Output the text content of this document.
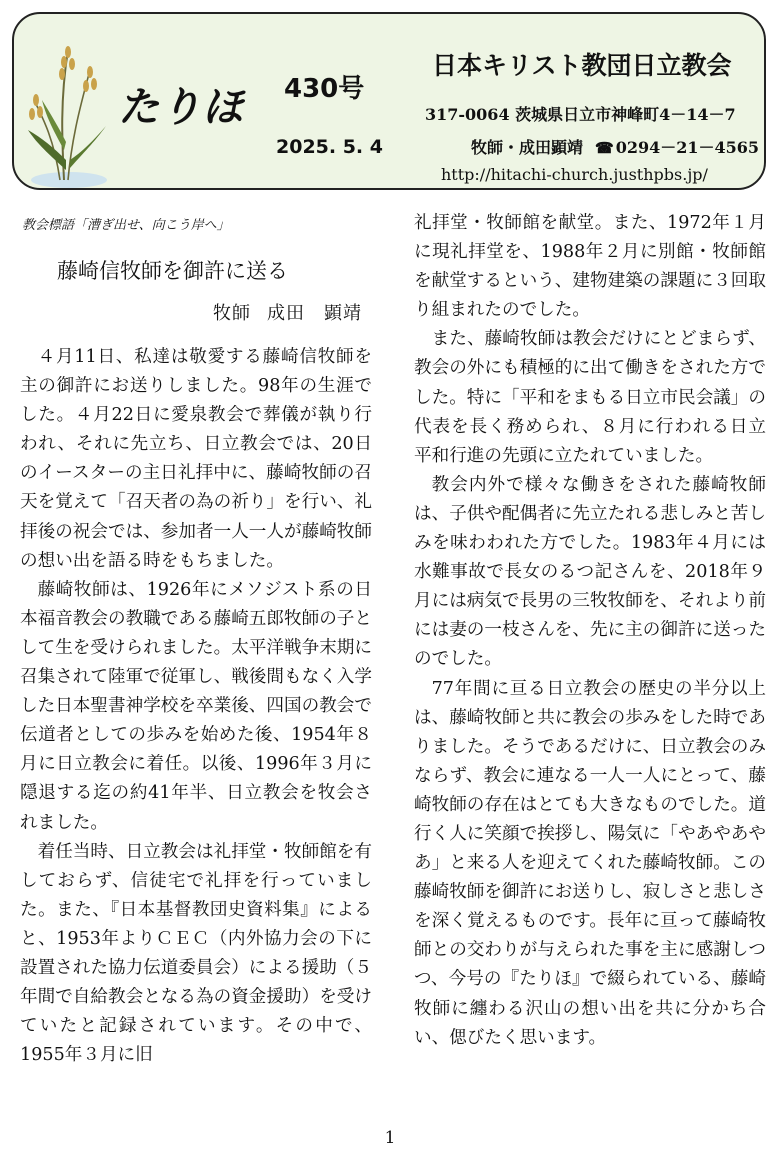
たりほ 430号
2025. 5. 4
日本キリスト教団日立教会
317-0064 茨城県日立市神峰町4－14－7
牧師・成田顕靖 ☎ 0294－21－4565
http://hitachi-church.justhpbs.jp/
教会標語「漕ぎ出せ、向こう岸へ」
藤崎信牧師を御許に送る
牧師 成田　顕靖

４月11日、私達は敬愛する藤崎信牧師を主の御許にお送りしました。98年の生涯でした。４月22日に愛泉教会で葬儀が執り行われ、それに先立ち、日立教会では、20日のイースターの主日礼拝中に、藤崎牧師の召天を覚えて「召天者の為の祈り」を行い、礼拝後の祝会では、参加者一人一人が藤崎牧師の想い出を語る時をもちました。

藤崎牧師は、1926年にメソジスト系の日本福音教会の教職である藤崎五郎牧師の子として生を受けられました。太平洋戦争末期に召集されて陸軍で従軍し、戦後間もなく入学した日本聖書神学校を卒業後、四国の教会で伝道者としての歩みを始めた後、1954年８月に日立教会に着任。以後、1996年３月に隠退する迄の約41年半、日立教会を牧会されました。

着任当時、日立教会は礼拝堂・牧師館を有しておらず、信徒宅で礼拝を行っていました。また、『日本基督教団史資料集』によると、1953年よりＣＥＣ（内外協力会の下に設置された協力伝道委員会）による援助（５年間で自給教会となる為の資金援助）を受けていたと記録されています。その中で、1955年３月に旧

礼拝堂・牧師館を献堂。また、1972年１月に現礼拝堂を、1988年２月に別館・牧師館を献堂するという、建物建築の課題に３回取り組まれたのでした。

また、藤崎牧師は教会だけにとどまらず、教会の外にも積極的に出て働きをされた方でした。特に「平和をまもる日立市民会議」の代表を長く務められ、８月に行われる日立平和行進の先頭に立たれていました。

教会内外で様々な働きをされた藤崎牧師は、子供や配偶者に先立たれる悲しみと苦しみを味わわれた方でした。1983年４月には水難事故で長女のるつ記さんを、2018年９月には病気で長男の三牧牧師を、それより前には妻の一枝さんを、先に主の御許に送ったのでした。

77年間に亘る日立教会の歴史の半分以上は、藤崎牧師と共に教会の歩みをした時でありました。そうであるだけに、日立教会のみならず、教会に連なる一人一人にとって、藤崎牧師の存在はとても大きなものでした。道行く人に笑顔で挨拶し、陽気に「やあやあやあ」と来る人を迎えてくれた藤崎牧師。この藤崎牧師を御許にお送りし、寂しさと悲しさを深く覚えるものです。長年に亘って藤崎牧師との交わりが与えられた事を主に感謝しつつ、今号の『たりほ』で綴られている、藤崎牧師に纏わる沢山の想い出を共に分かち合い、偲びたく思います。

1
